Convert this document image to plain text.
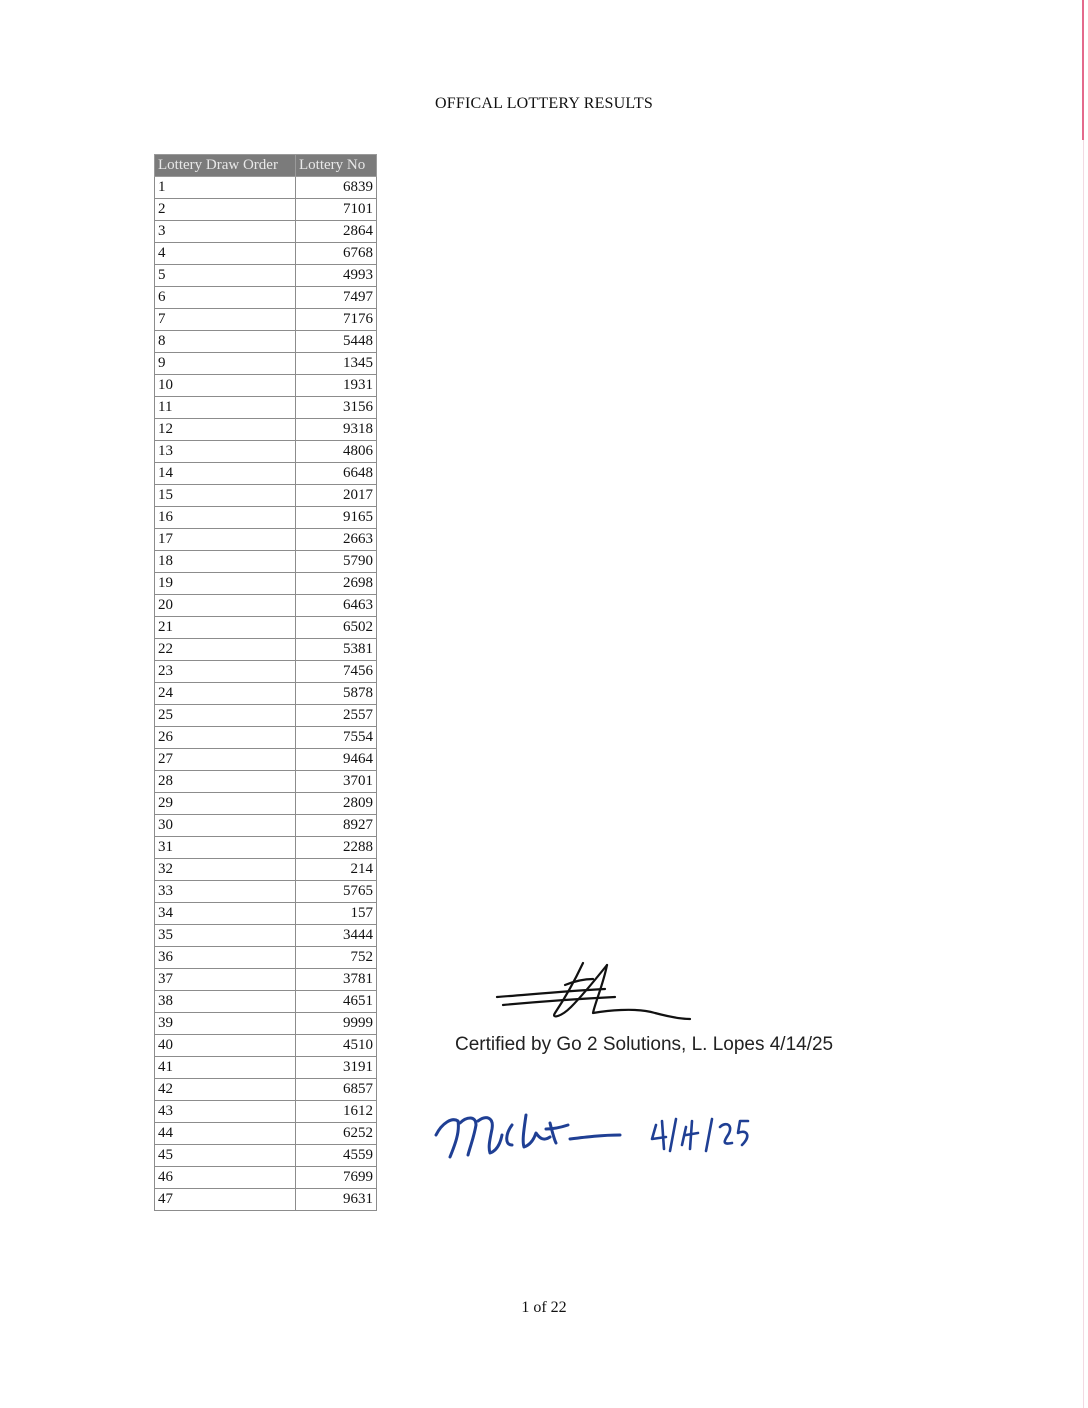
OFFICAL LOTTERY RESULTS
Lottery Draw Order	Lottery No
1	6839
2	7101
3	2864
4	6768
5	4993
6	7497
7	7176
8	5448
9	1345
10	1931
11	3156
12	9318
13	4806
14	6648
15	2017
16	9165
17	2663
18	5790
19	2698
20	6463
21	6502
22	5381
23	7456
24	5878
25	2557
26	7554
27	9464
28	3701
29	2809
30	8927
31	2288
32	214
33	5765
34	157
35	3444
36	752
37	3781
38	4651
39	9999
40	4510
41	3191
42	6857
43	1612
44	6252
45	4559
46	7699
47	9631
Certified by Go 2 Solutions, L. Lopes 4/14/25
1 of 22
